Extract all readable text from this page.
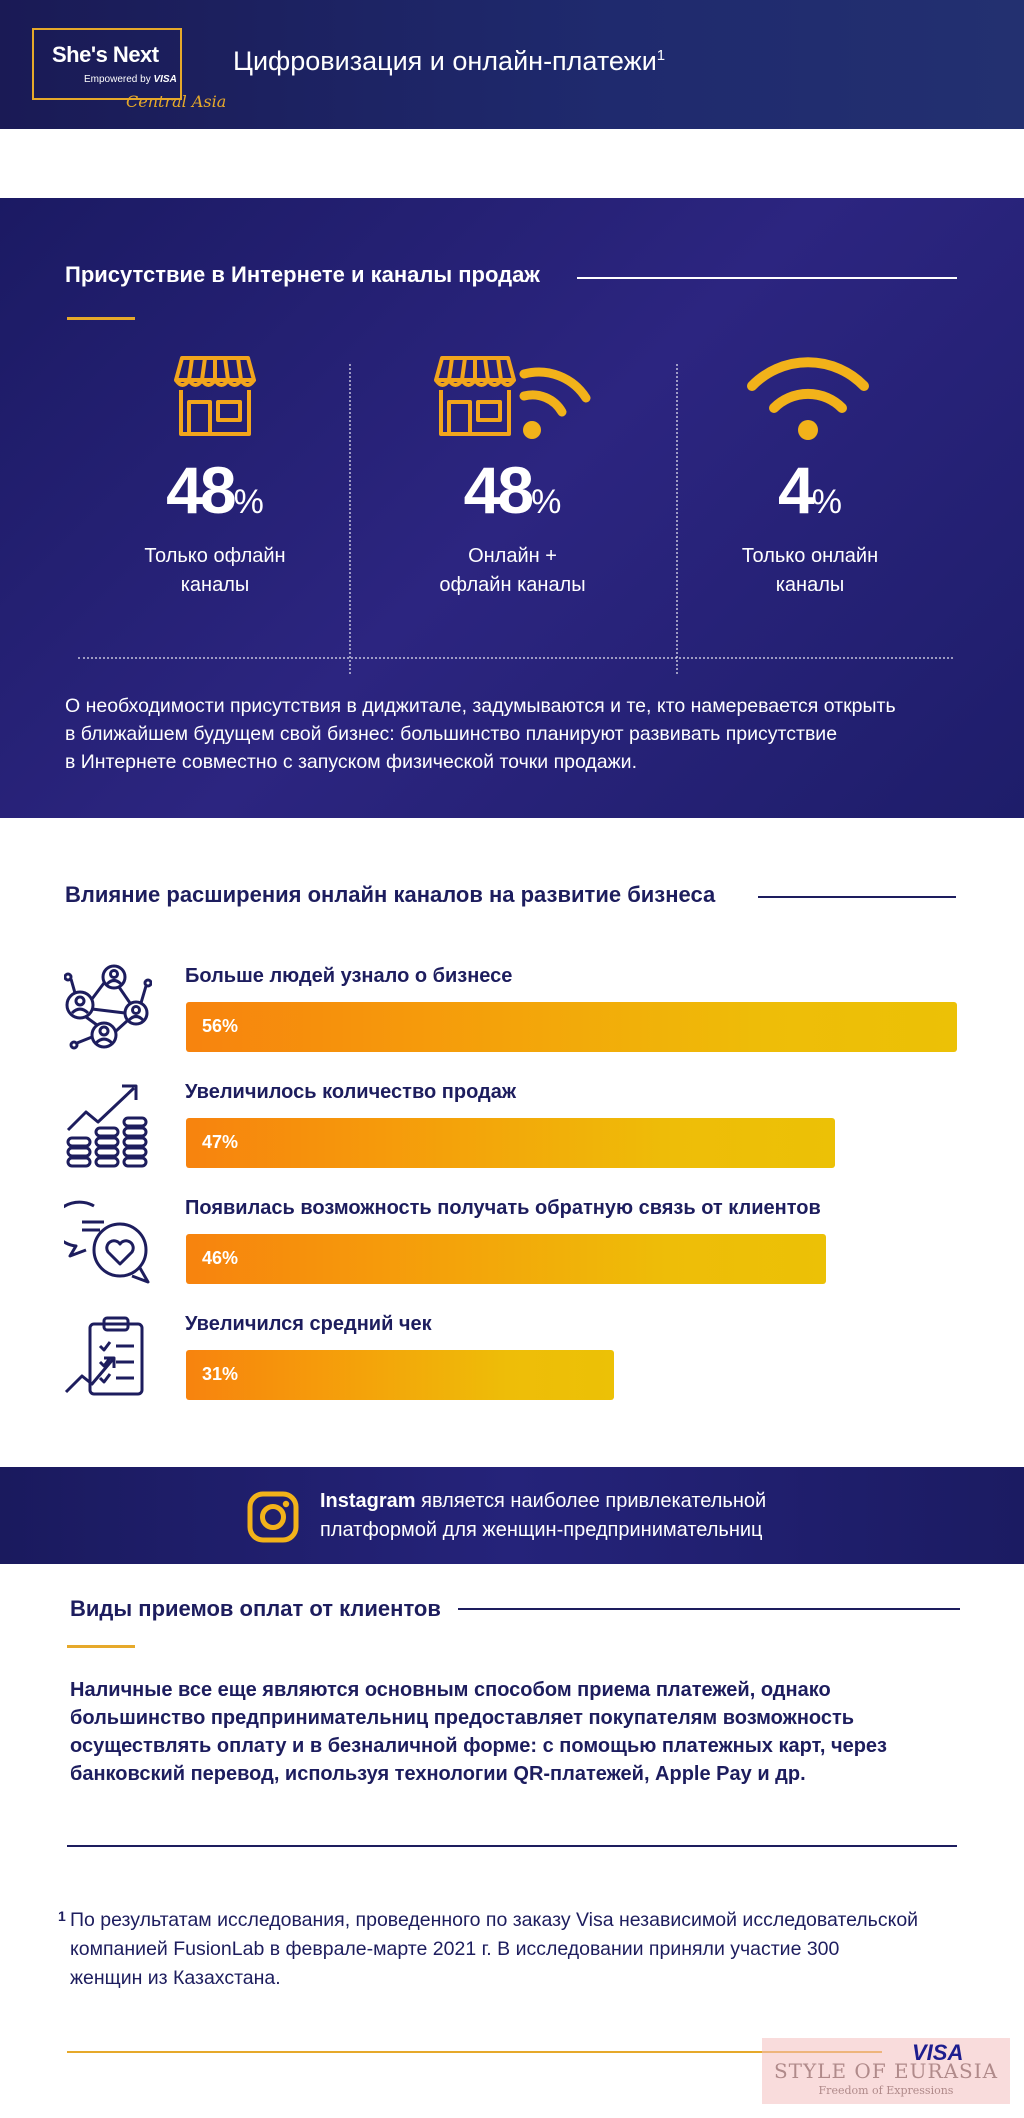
She's Next
Empowered by VISA
Central Asia
Цифровизация и онлайн-платежи$^1$
Присутствие в Интернете и каналы продаж
48%
Только офлайн
каналы
48%
Онлайн +
офлайн каналы
4%
Только онлайн
каналы
О необходимости присутствия в диджитале, задумываются и те, кто намеревается открыть
в ближайшем будущем свой бизнес: большинство планируют развивать присутствие
в Интернете совместно с запуском физической точки продажи.
Влияние расширения онлайн каналов на развитие бизнеса
Больше людей узнало о бизнесе
56%
Увеличилось количество продаж
47%
Появилась возможность получать обратную связь от клиентов
46%
Увеличился средний чек
31%
Instagram является наиболее привлекательной
платформой для женщин-предпринимательниц
Виды приемов оплат от клиентов
Наличные все еще являются основным способом приема платежей, однако
большинство предпринимательниц предоставляет покупателям возможность
осуществлять оплату и в безналичной форме: с помощью платежных карт, через
банковский перевод, используя технологии QR-платежей, Apple Pay и др.
1 По результатам исследования, проведенного по заказу Visa независимой исследовательской
компанией FusionLab в феврале-марте 2021 г. В исследовании приняли участие 300
женщин из Казахстана.
VISA
STYLE OF EURASIA
Freedom of Expressions
